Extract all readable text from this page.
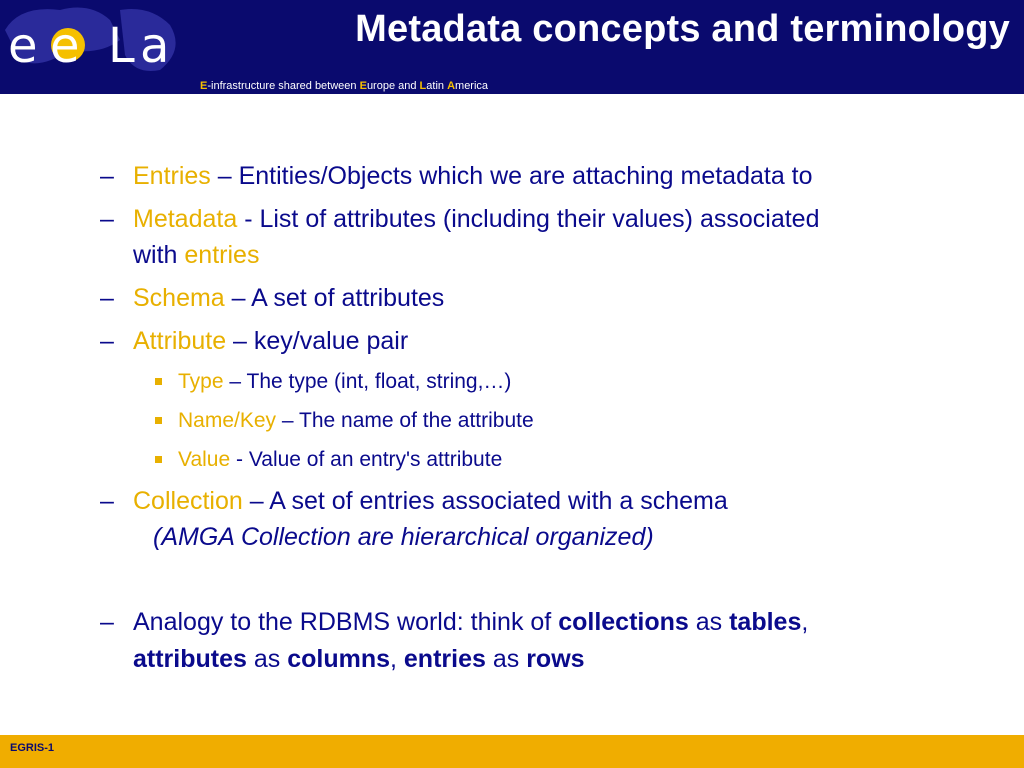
e e L a	Metadata concepts and terminology
E-infrastructure shared between Europe and Latin America
– Entries – Entities/Objects which we are attaching metadata to
– Metadata - List of attributes (including their values) associated
with entries
– Schema – A set of attributes
– Attribute – key/value pair
Type – The type (int, float, string,…)
Name/Key – The name of the attribute
Value - Value of an entry's attribute
– Collection – A set of entries associated with a schema
(AMGA Collection are hierarchical organized)
– Analogy to the RDBMS world: think of collections as tables,
attributes as columns, entries as rows
EGRIS-1
